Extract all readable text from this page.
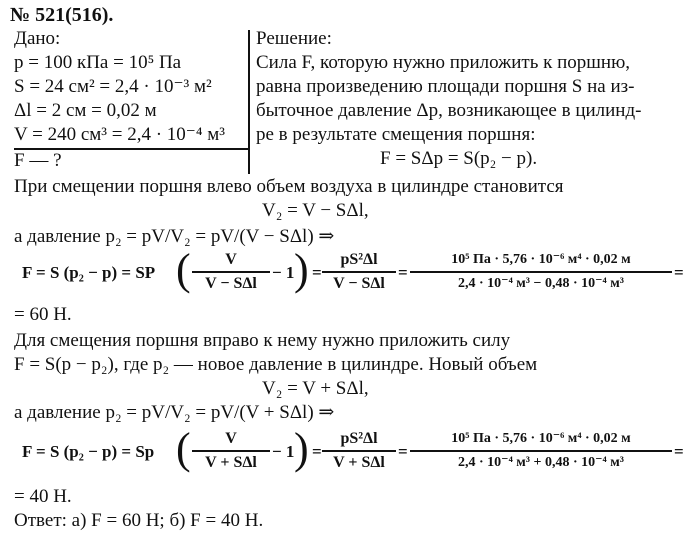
№ 521(516).
Дано:
p = 100 кПа = 10⁵ Па
S = 24 см² = 2,4 · 10⁻³ м²
Δl = 2 см = 0,02 м
V = 240 см³ = 2,4 · 10⁻⁴ м³
F — ?
Решение:
Сила F, которую нужно приложить к поршню,
равна произведению площади поршня S на из-
быточное давление Δp, возникающее в цилинд-
ре в результате смещения поршня:
F = SΔp = S(p₂ − p).
При смещении поршня влево объем воздуха в цилиндре становится
V₂ = V − SΔl,
а давление p₂ = pV/V₂ = pV/(V − SΔl) ⇒
F = S (p₂ − p) = SP (	V
V − SΔl
− 1 ) =
pS²Δl
V − SΔl
=
10⁵ Па · 5,76 · 10⁻⁶ м⁴ · 0,02 м
2,4 · 10⁻⁴ м³ − 0,48 · 10⁻⁴ м³
=
= 60 Н.
Для смещения поршня вправо к нему нужно приложить силу
F = S(p − p₂), где p₂ — новое давление в цилиндре. Новый объем
V₂ = V + SΔl,
а давление p₂ = pV/V₂ = pV/(V + SΔl) ⇒
F = S (p₂ − p) = Sp (	V
V + SΔl
− 1 ) =
pS²Δl
V + SΔl
=
10⁵ Па · 5,76 · 10⁻⁶ м⁴ · 0,02 м
2,4 · 10⁻⁴ м³ + 0,48 · 10⁻⁴ м³
=
= 40 Н.
Ответ: а) F = 60 Н; б) F = 40 Н.
